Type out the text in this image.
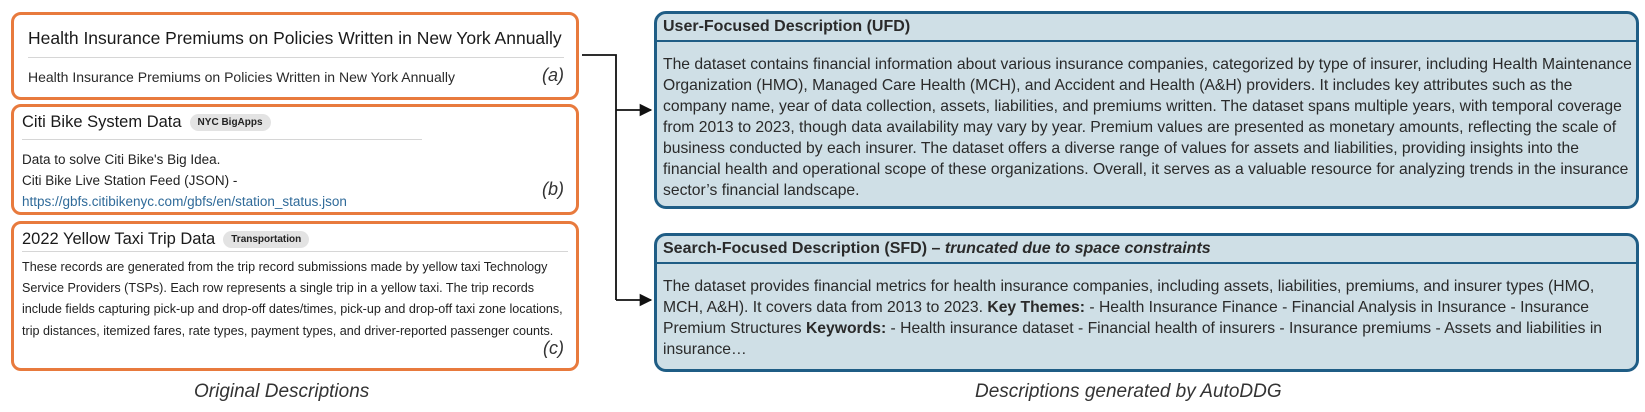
Health Insurance Premiums on Policies Written in New York Annually
Health Insurance Premiums on Policies Written in New York Annually	(a)
Citi Bike System Data	NYC BigApps
Data to solve Citi Bike's Big Idea.
Citi Bike Live Station Feed (JSON) -
https://gbfs.citibikenyc.com/gbfs/en/station_status.json
(b)
2022 Yellow Taxi Trip Data	Transportation
These records are generated from the trip record submissions made by yellow taxi Technology Service Providers (TSPs). Each row represents a single trip in a yellow taxi. The trip records include fields capturing pick-up and drop-off dates/times, pick-up and drop-off taxi zone locations, trip distances, itemized fares, rate types, payment types, and driver-reported passenger counts.
(c)
Original Descriptions
User-Focused Description (UFD)
The dataset contains financial information about various insurance companies, categorized by type of insurer, including Health Maintenance Organization (HMO), Managed Care Health (MCH), and Accident and Health (A&H) providers. It includes key attributes such as the company name, year of data collection, assets, liabilities, and premiums written. The dataset spans multiple years, with temporal coverage from 2013 to 2023, though data availability may vary by year. Premium values are presented as monetary amounts, reflecting the scale of business conducted by each insurer. The dataset offers a diverse range of values for assets and liabilities, providing insights into the financial health and operational scope of these organizations. Overall, it serves as a valuable resource for analyzing trends in the insurance sector’s financial landscape.
Search-Focused Description (SFD) – truncated due to space constraints
The dataset provides financial metrics for health insurance companies, including assets, liabilities, premiums, and insurer types (HMO, MCH, A&H). It covers data from 2013 to 2023. Key Themes: - Health Insurance Finance - Financial Analysis in Insurance - Insurance Premium Structures Keywords: - Health insurance dataset - Financial health of insurers - Insurance premiums - Assets and liabilities in insurance…
Descriptions generated by AutoDDG
